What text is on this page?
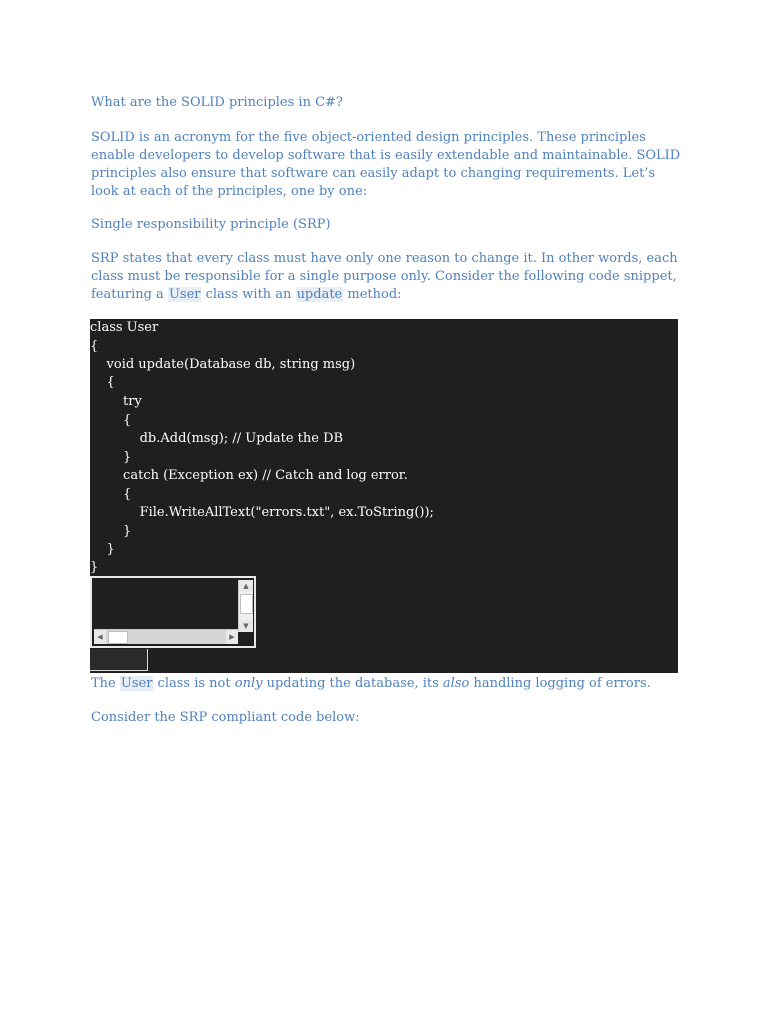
What are the SOLID principles in C#?

SOLID is an acronym for the five object-oriented design principles. These principles enable developers to develop software that is easily extendable and maintainable. SOLID principles also ensure that software can easily adapt to changing requirements. Let’s look at each of the principles, one by one:

Single responsibility principle (SRP)

SRP states that every class must have only one reason to change it. In other words, each class must be responsible for a single purpose only. Consider the following code snippet, featuring a User class with an update method:

class User
{
void update(Database db, string msg)
{
try
{
db.Add(msg); // Update the DB
}
catch (Exception ex) // Catch and log error.
{
File.WriteAllText("errors.txt", ex.ToString());
}
}
}
▲
▼
◀	▶

The User class is not only updating the database, its also handling logging of errors.

Consider the SRP compliant code below:
